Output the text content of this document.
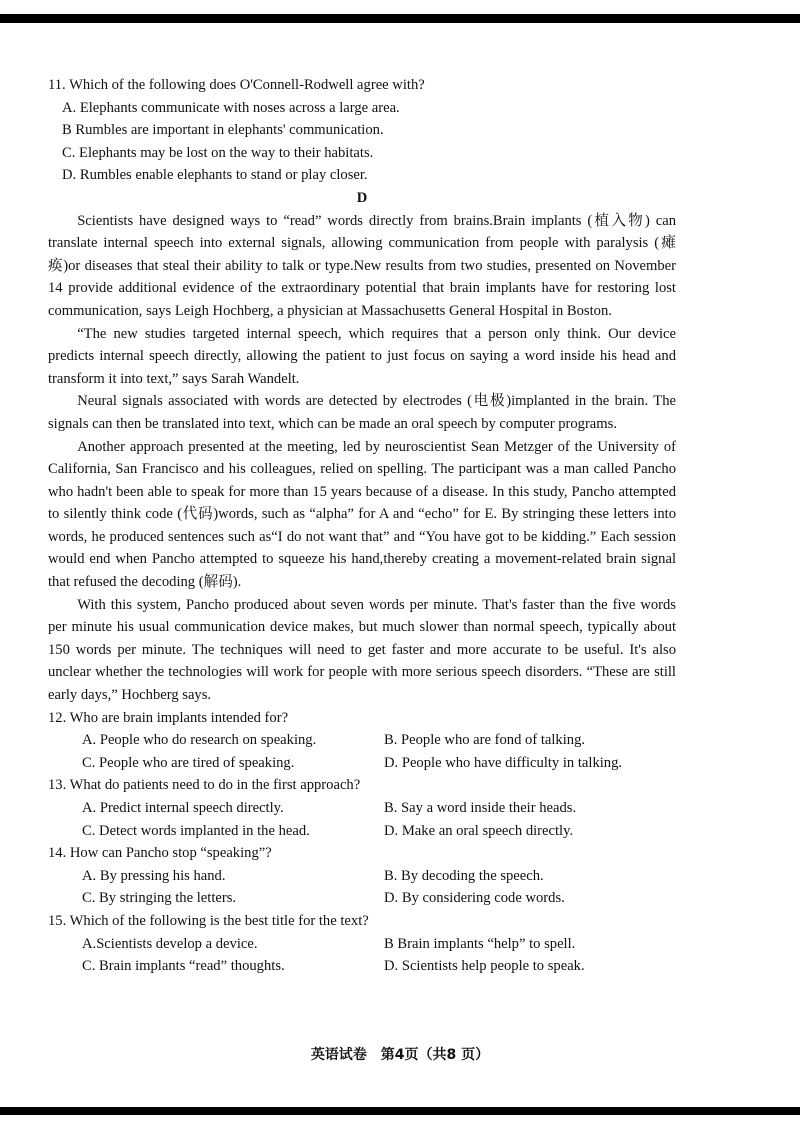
11. Which of the following does O'Connell-Rodwell agree with?

A. Elephants communicate with noses across a large area.

B Rumbles are important in elephants' communication.

C. Elephants may be lost on the way to their habitats.

D. Rumbles enable elephants to stand or play closer.

D

Scientists have designed ways to “read” words directly from brains.Brain implants (植入物) can translate internal speech into external signals, allowing communication from people with paralysis (瘫痪)or diseases that steal their ability to talk or type.New results from two studies, presented on November 14 provide additional evidence of the extraordinary potential that brain implants have for restoring lost communication, says Leigh Hochberg, a physician at Massachusetts General Hospital in Boston.

“The new studies targeted internal speech, which requires that a person only think. Our device predicts internal speech directly, allowing the patient to just focus on saying a word inside his head and transform it into text,” says Sarah Wandelt.

Neural signals associated with words are detected by electrodes (电极)implanted in the brain. The signals can then be translated into text, which can be made an oral speech by computer programs.

Another approach presented at the meeting, led by neuroscientist Sean Metzger of the University of California, San Francisco and his colleagues, relied on spelling. The participant was a man called Pancho who hadn't been able to speak for more than 15 years because of a disease. In this study, Pancho attempted to silently think code (代码)words, such as “alpha” for A and “echo” for E. By stringing these letters into words, he produced sentences such as“I do not want that” and “You have got to be kidding.” Each session would end when Pancho attempted to squeeze his hand,thereby creating a movement-related brain signal that refused the decoding (解码).

With this system, Pancho produced about seven words per minute. That's faster than the five words per minute his usual communication device makes, but much slower than normal speech, typically about 150 words per minute. The techniques will need to get faster and more accurate to be useful. It's also unclear whether the technologies will work for people with more serious speech disorders. “These are still early days,” Hochberg says.

12. Who are brain implants intended for?

A. People who do research on speaking.	B. People who are fond of talking.
C. People who are tired of speaking.	D. People who have difficulty in talking.

13. What do patients need to do in the first approach?

A. Predict internal speech directly.	B. Say a word inside their heads.
C. Detect words implanted in the head.	D. Make an oral speech directly.

14. How can Pancho stop “speaking”?

A. By pressing his hand.	B. By decoding the speech.
C. By stringing the letters.	D. By considering code words.

15. Which of the following is the best title for the text?

A.Scientists develop a device.	B Brain implants “help” to spell.
C. Brain implants “read” thoughts.	D. Scientists help people to speak.
英语试卷　第4页（共8 页）
